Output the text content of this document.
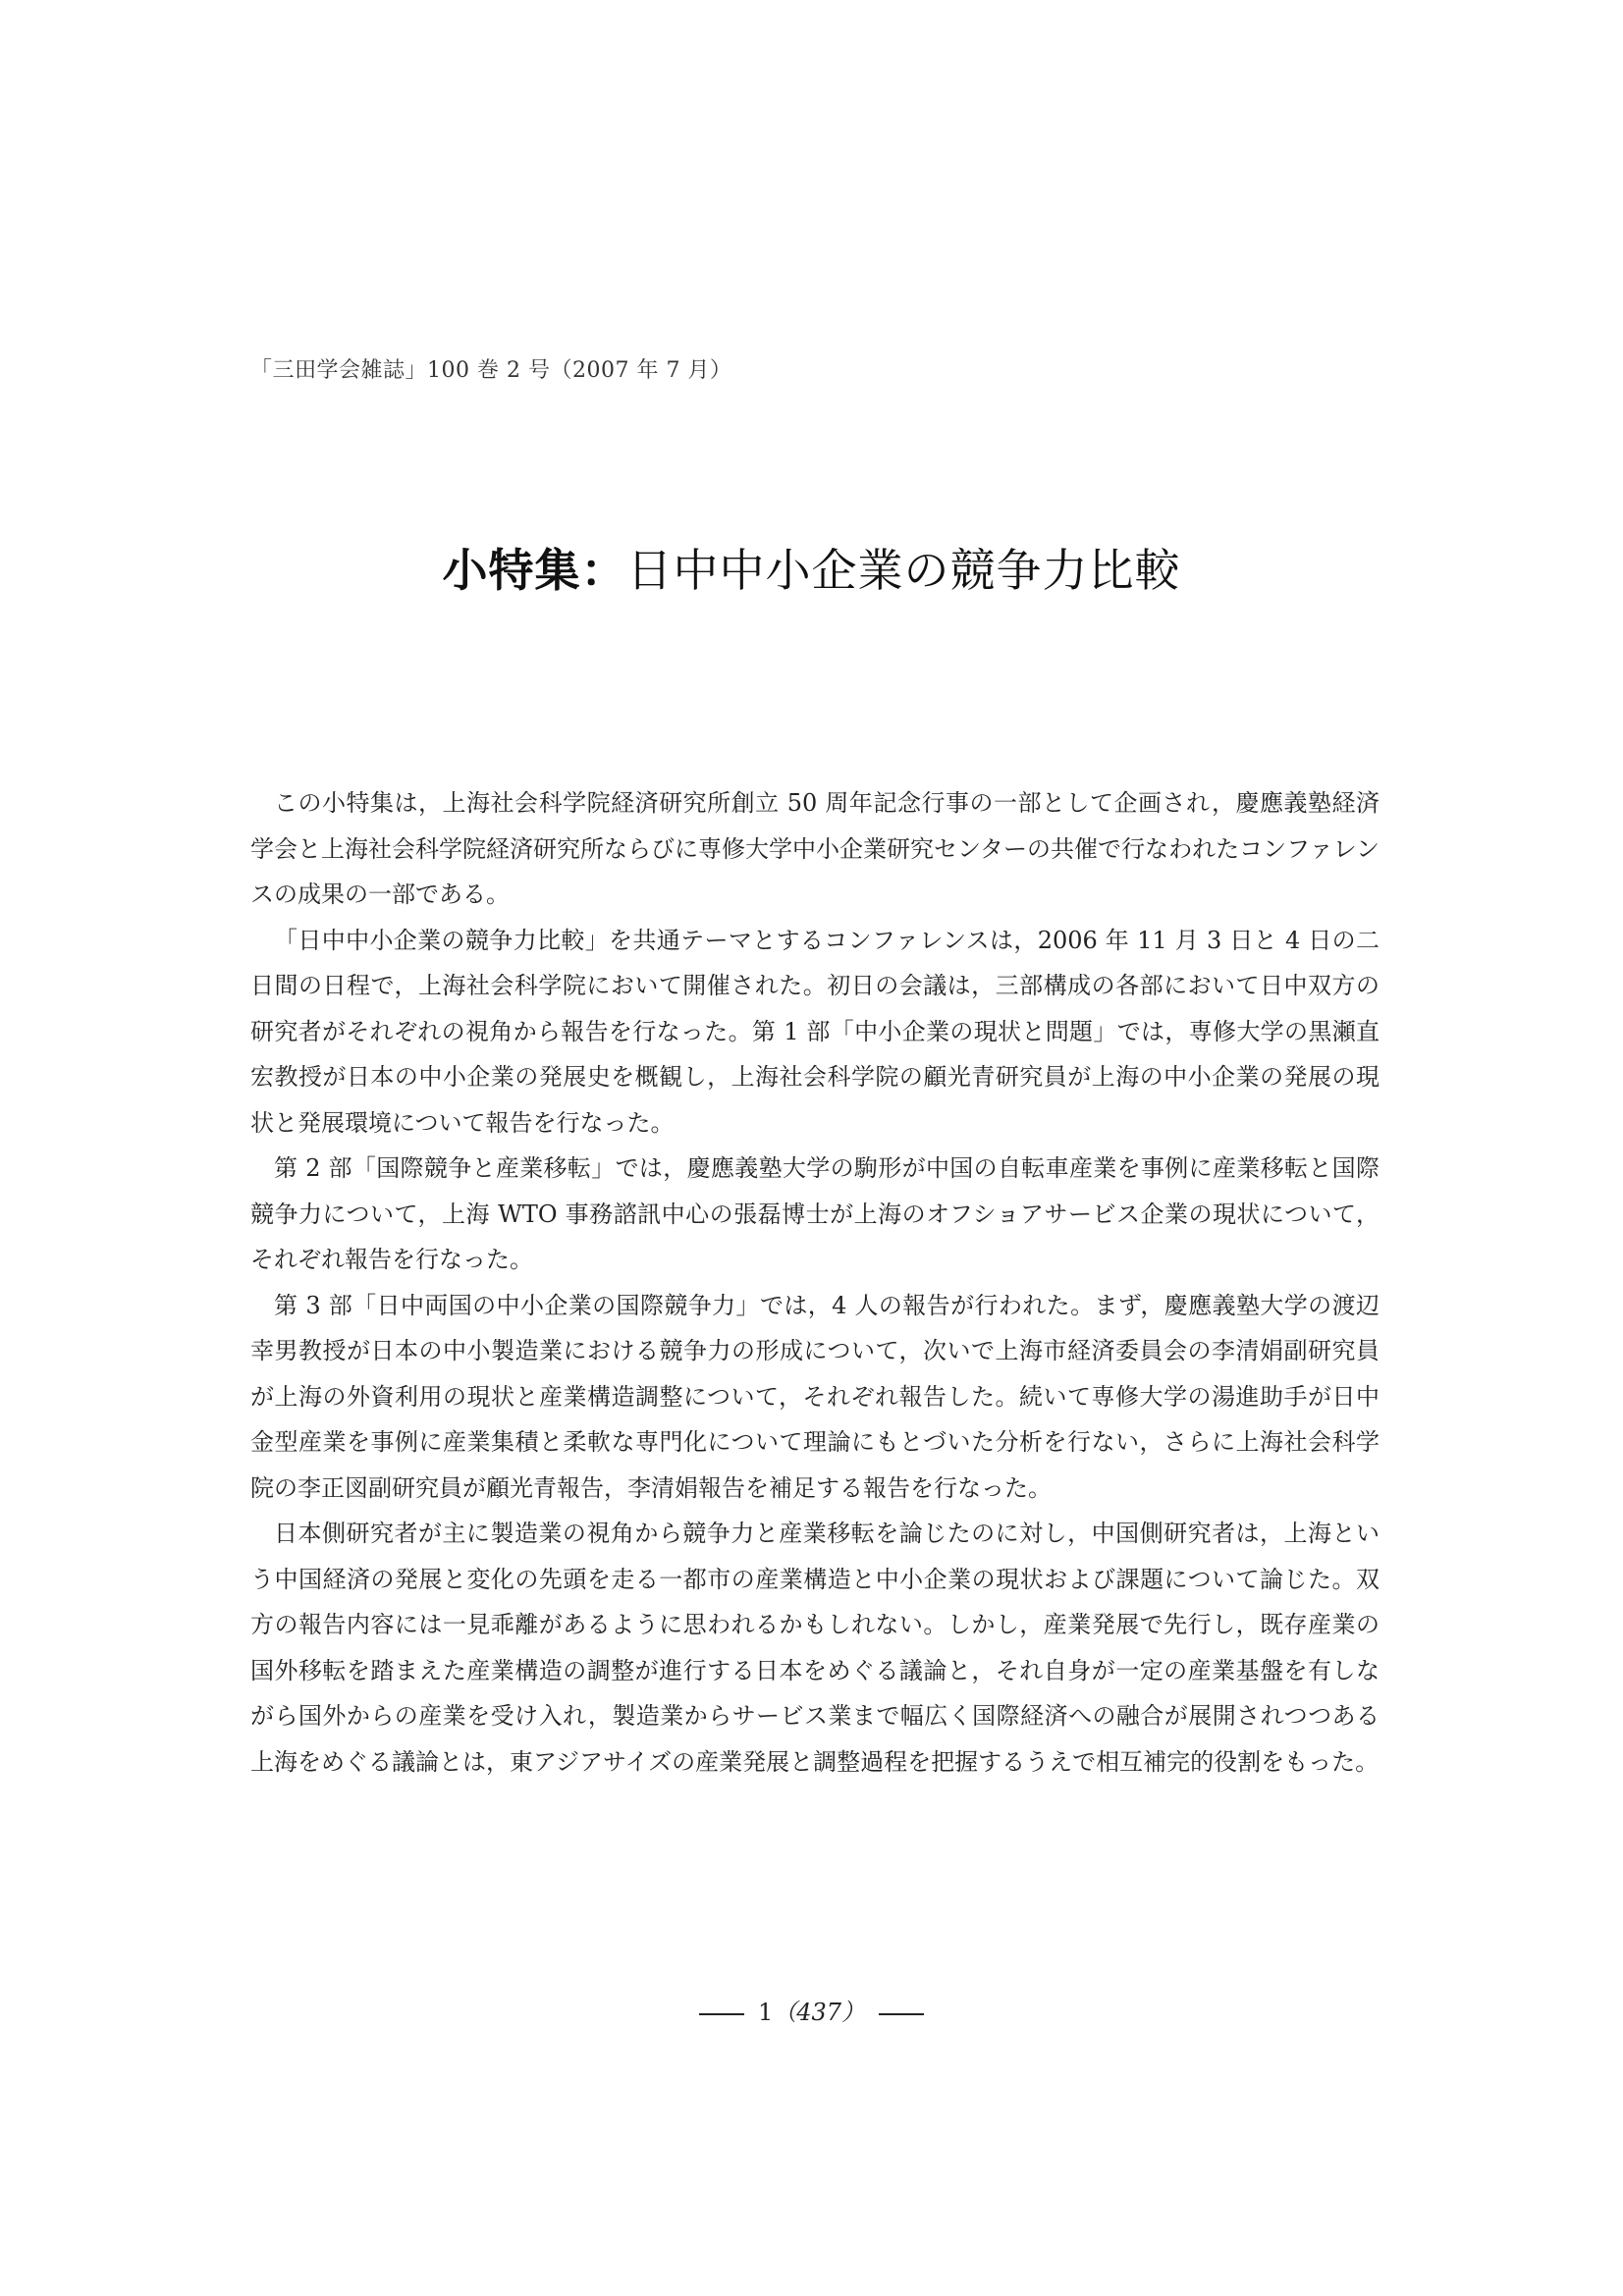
「三田学会雑誌」100 巻 2 号（2007 年 7 月）
小特集：日中中小企業の競争力比較

この小特集は，上海社会科学院経済研究所創立 50 周年記念行事の一部として企画され，慶應義塾経済学会と上海社会科学院経済研究所ならびに専修大学中小企業研究センターの共催で行なわれたコンファレンスの成果の一部である。

「日中中小企業の競争力比較」を共通テーマとするコンファレンスは，2006 年 11 月 3 日と 4 日の二日間の日程で，上海社会科学院において開催された。初日の会議は，三部構成の各部において日中双方の研究者がそれぞれの視角から報告を行なった。第 1 部「中小企業の現状と問題」では，専修大学の黒瀬直宏教授が日本の中小企業の発展史を概観し，上海社会科学院の顧光青研究員が上海の中小企業の発展の現状と発展環境について報告を行なった。

第 2 部「国際競争と産業移転」では，慶應義塾大学の駒形が中国の自転車産業を事例に産業移転と国際競争力について，上海 WTO 事務諮訊中心の張磊博士が上海のオフショアサービス企業の現状について，それぞれ報告を行なった。

第 3 部「日中両国の中小企業の国際競争力」では，4 人の報告が行われた。まず，慶應義塾大学の渡辺幸男教授が日本の中小製造業における競争力の形成について，次いで上海市経済委員会の李清娟副研究員が上海の外資利用の現状と産業構造調整について，それぞれ報告した。続いて専修大学の湯進助手が日中金型産業を事例に産業集積と柔軟な専門化について理論にもとづいた分析を行ない，さらに上海社会科学院の李正図副研究員が顧光青報告，李清娟報告を補足する報告を行なった。

日本側研究者が主に製造業の視角から競争力と産業移転を論じたのに対し，中国側研究者は，上海という中国経済の発展と変化の先頭を走る一都市の産業構造と中小企業の現状および課題について論じた。双方の報告内容には一見乖離があるように思われるかもしれない。しかし，産業発展で先行し，既存産業の国外移転を踏まえた産業構造の調整が進行する日本をめぐる議論と，それ自身が一定の産業基盤を有しながら国外からの産業を受け入れ，製造業からサービス業まで幅広く国際経済への融合が展開されつつある上海をめぐる議論とは，東アジアサイズの産業発展と調整過程を把握するうえで相互補完的役割をもった。

1（437）
